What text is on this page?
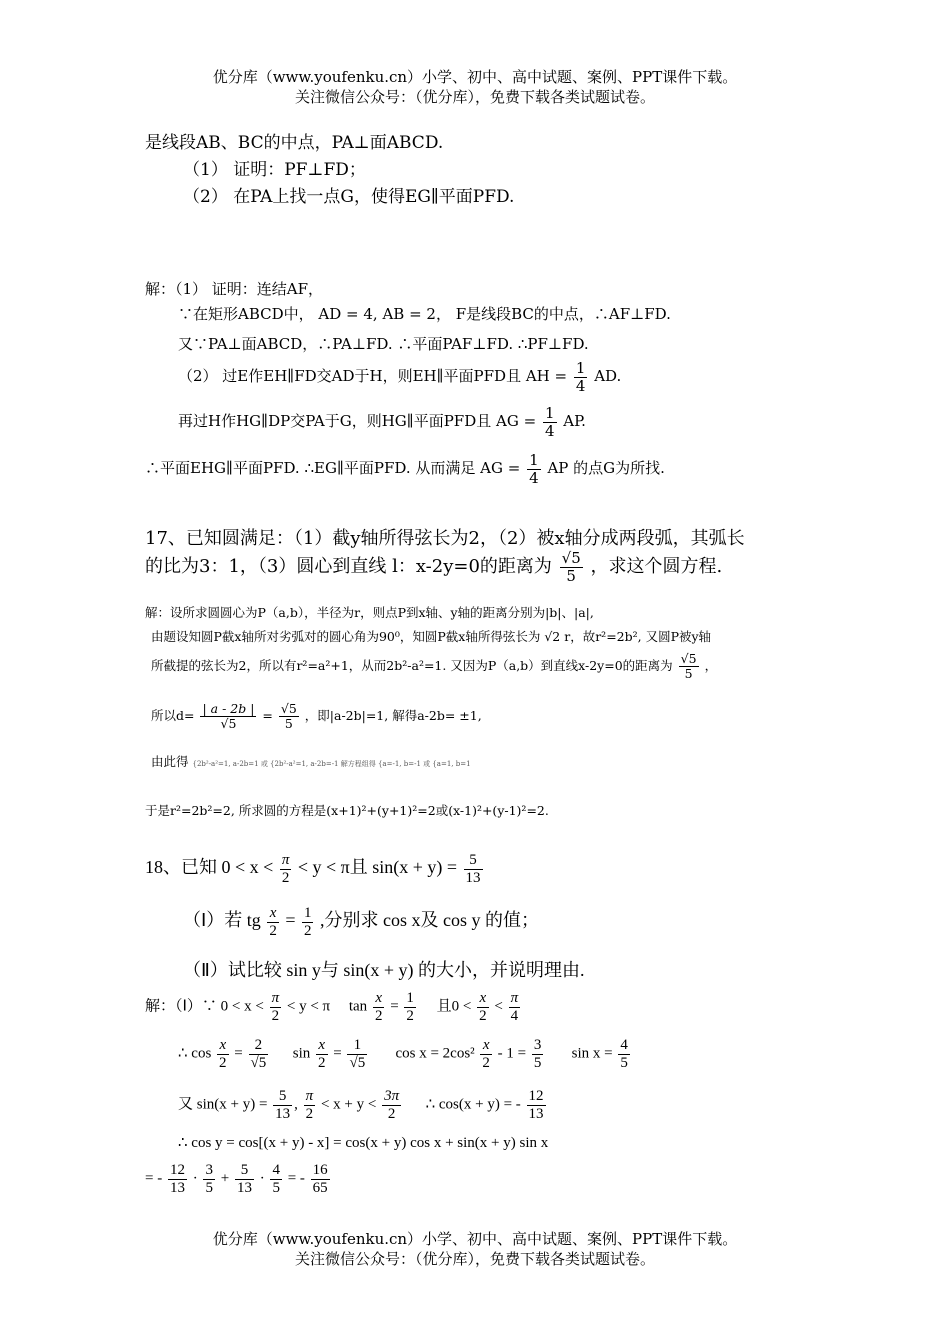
优分库（www.youfenku.cn）小学、初中、高中试题、案例、PPT课件下载。
关注微信公众号：（优分库），免费下载各类试题试卷。
是线段AB、BC的中点，PA⊥面ABCD.
（1） 证明：PF⊥FD；
（2） 在PA上找一点G，使得EG∥平面PFD.
解：（1） 证明：连结AF，
∵在矩形ABCD中， AD = 4, AB = 2， F是线段BC的中点，∴AF⊥FD.
又∵PA⊥面ABCD，∴PA⊥FD. ∴平面PAF⊥FD. ∴PF⊥FD.
（2） 过E作EH∥FD交AD于H，则EH∥平面PFD且 AH = $\frac{1}{4}$ AD.
再过H作HG∥DP交PA于G，则HG∥平面PFD且 AG = $\frac{1}{4}$ AP.
∴平面EHG∥平面PFD. ∴EG∥平面PFD. 从而满足 AG = $\frac{1}{4}$ AP 的点G为所找.
17、已知圆满足：（1）截y轴所得弦长为2，（2）被x轴分成两段弧，其弧长
的比为3：1，（3）圆心到直线 l：x-2y=0的距离为 $\frac{√5}{5}$ ，求这个圆方程.
解：设所求圆圆心为P（a,b），半径为r，则点P到x轴、y轴的距离分别为|b|、|a|,
由题设知圆P截x轴所对劣弧对的圆心角为90⁰，知圆P截x轴所得弦长为 √2 r，故r²=2b², 又圆P被y轴
所截提的弦长为2，所以有r²=a²+1，从而2b²-a²=1. 又因为P（a,b）到直线x-2y=0的距离为 $\frac{√5}{5}$ ，
所以$d= \frac{| a - 2b |}{√5} = \frac{√5}{5}$ ，即|a-2b|=1, 解得a-2b= ±1,
由此得 {2b²-a²=1, a-2b=1 或 {2b²-a²=1, a-2b=-1 解方程组得 {a=-1, b=-1 或 {a=1, b=1
于是r²=2b²=2, 所求圆的方程是(x+1)²+(y+1)²=2或(x-1)²+(y-1)²=2.
18、已知 $0 < x < \frac{\pi}{2} < y < \pi$且 $\sin(x + y) = \frac{5}{13}$
（Ⅰ）若 tg $\frac{x}{2} = \frac{1}{2}$ ,分别求 cos x及 cos y 的值；
（Ⅱ）试比较 sin y与 sin(x + y) 的大小，并说明理由.
解：（Ⅰ）∵ $0 < x < \frac{\pi}{2} < y < \pi$ $\tan \frac{x}{2} = \frac{1}{2}$ 且$0 < \frac{x}{2} < \frac{\pi}{4}$
∴ $\cos \frac{x}{2} = \frac{2}{√5}$ $\sin \frac{x}{2} = \frac{1}{√5}$ $\cos x = 2\cos^2 \frac{x}{2} - 1 = \frac{3}{5}$ $\sin x = \frac{4}{5}$
又 $\sin(x + y) = \frac{5}{13}$ , $\frac{\pi}{2} < x + y < \frac{3\pi}{2}$ ∴ cos(x + y) = - $\frac{12}{13}$
∴ cos y = cos[(x + y) - x] = cos(x + y) cos x + sin(x + y) sin x
= - $\frac{12}{13} \cdot \frac{3}{5} + \frac{5}{13} \cdot \frac{4}{5}$ = - $\frac{16}{65}$
优分库（www.youfenku.cn）小学、初中、高中试题、案例、PPT课件下载。
关注微信公众号：（优分库），免费下载各类试题试卷。
